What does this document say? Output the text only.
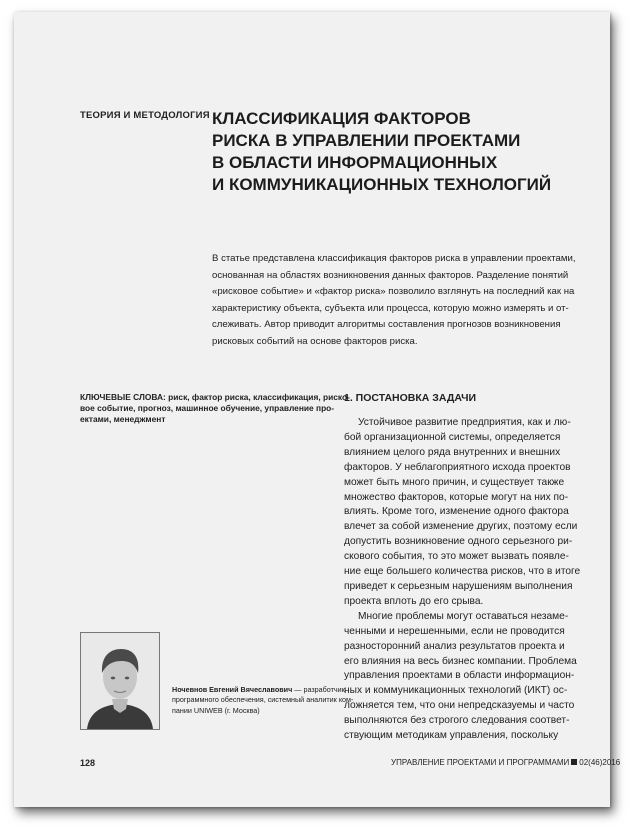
ТЕОРИЯ И МЕТОДОЛОГИЯ КЛАССИФИКАЦИЯ ФАКТОРОВ
РИСКА В УПРАВЛЕНИИ ПРОЕКТАМИ
В ОБЛАСТИ ИНФОРМАЦИОННЫХ
И КОММУНИКАЦИОННЫХ ТЕХНОЛОГИЙ
В статье представлена классификация факторов риска в управлении проектами,
основанная на областях возникновения данных факторов. Разделение понятий
«рисковое событие» и «фактор риска» позволило взглянуть на последний как на
характеристику объекта, субъекта или процесса, которую можно измерять и от-
слеживать. Автор приводит алгоритмы составления прогнозов возникновения
рисковых событий на основе факторов риска.
КЛЮЧЕВЫЕ СЛОВА: риск, фактор риска, классификация, риско-
вое событие, прогноз, машинное обучение, управление про-
ектами, менеджмент
1. ПОСТАНОВКА ЗАДАЧИ
Устойчивое развитие предприятия, как и лю-
бой организационной системы, определяется
влиянием целого ряда внутренних и внешних
факторов. У неблагоприятного исхода проектов
может быть много причин, и существует также
множество факторов, которые могут на них по-
влиять. Кроме того, изменение одного фактора
влечет за собой изменение других, поэтому если
допустить возникновение одного серьезного ри-
скового события, то это может вызвать появле-
ние еще большего количества рисков, что в итоге
приведет к серьезным нарушениям выполнения
проекта вплоть до его срыва.
Многие проблемы могут оставаться незаме-
ченными и нерешенными, если не проводится
разносторонний анализ результатов проекта и
его влияния на весь бизнес компании. Проблема
управления проектами в области информацион-
ных и коммуникационных технологий (ИКТ) ос-
ложняется тем, что они непредсказуемы и часто
выполняются без строгого следования соответ-
ствующим методикам управления, поскольку
Ночевнов Евгений Вячеславович — разработчик
программного обеспечения, системный аналитик ком-
пании UNIWEB (г. Москва)
128	УПРАВЛЕНИЕ ПРОЕКТАМИ И ПРОГРАММАМИ 02(46)2016
